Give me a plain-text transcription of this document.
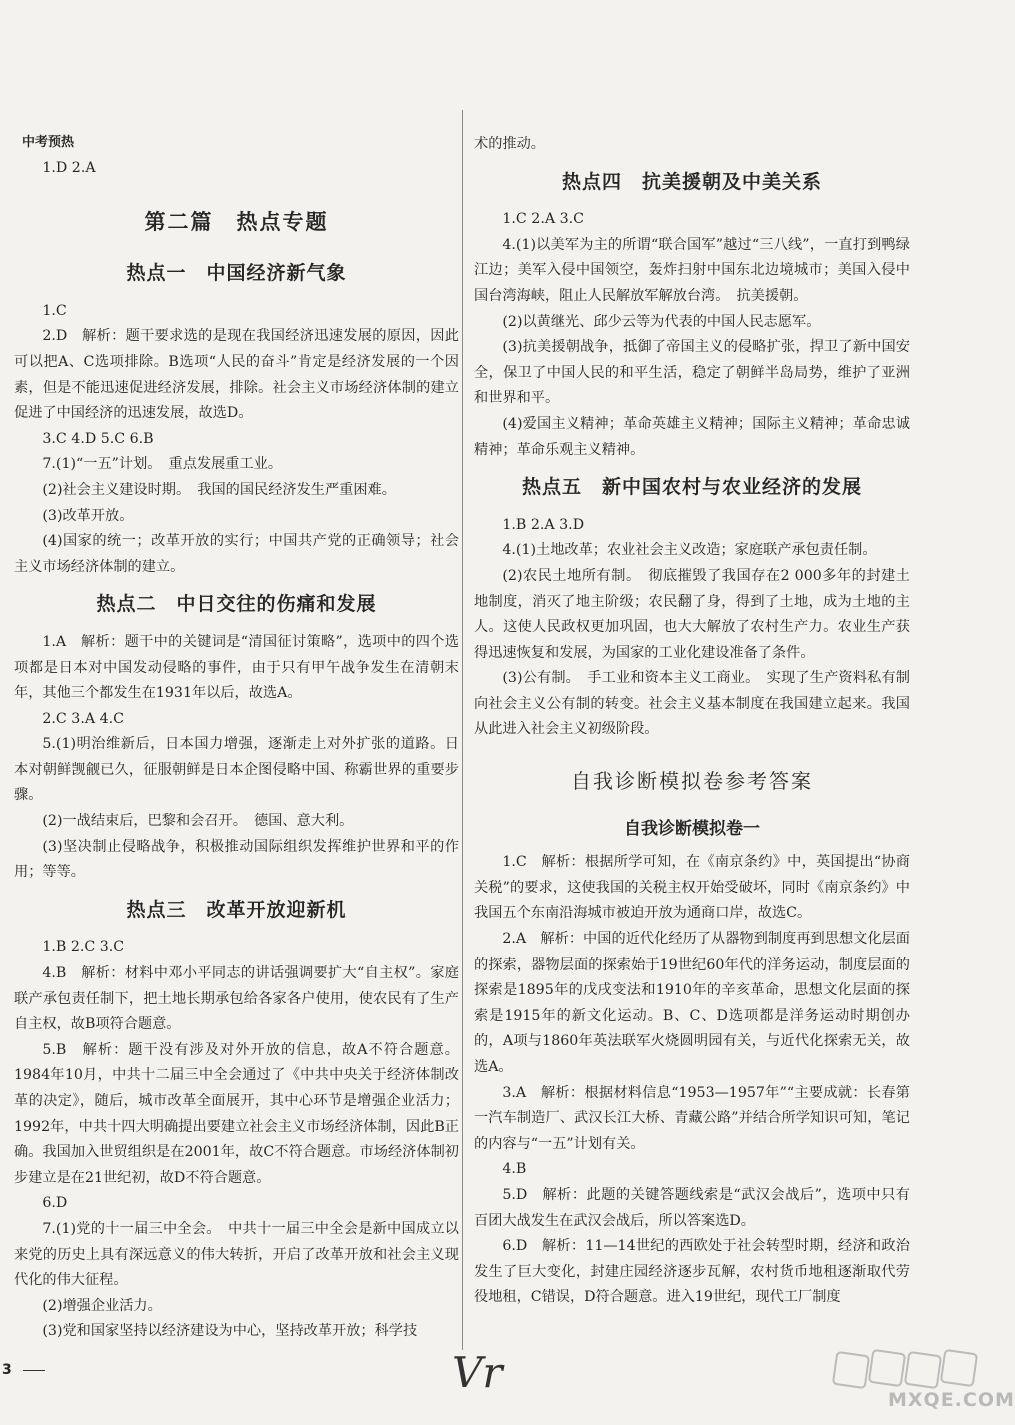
中考预热

1.D 2.A

第二篇　热点专题
热点一　中国经济新气象

1.C

2.D　解析：题干要求选的是现在我国经济迅速发展的原因，因此可以把A、C选项排除。B选项“人民的奋斗”肯定是经济发展的一个因素，但是不能迅速促进经济发展，排除。社会主义市场经济体制的建立促进了中国经济的迅速发展，故选D。

3.C 4.D 5.C 6.B

7.(1)“一五”计划。　重点发展重工业。

(2)社会主义建设时期。　我国的国民经济发生严重困难。

(3)改革开放。

(4)国家的统一；改革开放的实行；中国共产党的正确领导；社会主义市场经济体制的建立。

热点二　中日交往的伤痛和发展

1.A　解析：题干中的关键词是“清国征讨策略”，选项中的四个选项都是日本对中国发动侵略的事件，由于只有甲午战争发生在清朝末年，其他三个都发生在1931年以后，故选A。

2.C 3.A 4.C

5.(1)明治维新后，日本国力增强，逐渐走上对外扩张的道路。日本对朝鲜觊觎已久，征服朝鲜是日本企图侵略中国、称霸世界的重要步骤。

(2)一战结束后，巴黎和会召开。　德国、意大利。

(3)坚决制止侵略战争，积极推动国际组织发挥维护世界和平的作用；等等。

热点三　改革开放迎新机

1.B 2.C 3.C

4.B　解析：材料中邓小平同志的讲话强调要扩大“自主权”。家庭联产承包责任制下，把土地长期承包给各家各户使用，使农民有了生产自主权，故B项符合题意。

5.B　解析：题干没有涉及对外开放的信息，故A不符合题意。1984年10月，中共十二届三中全会通过了《中共中央关于经济体制改革的决定》，随后，城市改革全面展开，其中心环节是增强企业活力；1992年，中共十四大明确提出要建立社会主义市场经济体制，因此B正确。我国加入世贸组织是在2001年，故C不符合题意。市场经济体制初步建立是在21世纪初，故D不符合题意。

6.D

7.(1)党的十一届三中全会。　中共十一届三中全会是新中国成立以来党的历史上具有深远意义的伟大转折，开启了改革开放和社会主义现代化的伟大征程。

(2)增强企业活力。

(3)党和国家坚持以经济建设为中心，坚持改革开放；科学技

术的推动。

热点四　抗美援朝及中美关系

1.C 2.A 3.C

4.(1)以美军为主的所谓“联合国军”越过“三八线”，一直打到鸭绿江边；美军入侵中国领空，轰炸扫射中国东北边境城市；美国入侵中国台湾海峡，阻止人民解放军解放台湾。　抗美援朝。

(2)以黄继光、邱少云等为代表的中国人民志愿军。

(3)抗美援朝战争，抵御了帝国主义的侵略扩张，捍卫了新中国安全，保卫了中国人民的和平生活，稳定了朝鲜半岛局势，维护了亚洲和世界和平。

(4)爱国主义精神；革命英雄主义精神；国际主义精神；革命忠诚精神；革命乐观主义精神。

热点五　新中国农村与农业经济的发展

1.B 2.A 3.D

4.(1)土地改革；农业社会主义改造；家庭联产承包责任制。

(2)农民土地所有制。　彻底摧毁了我国存在2 000多年的封建土地制度，消灭了地主阶级；农民翻了身，得到了土地，成为土地的主人。这使人民政权更加巩固，也大大解放了农村生产力。农业生产获得迅速恢复和发展，为国家的工业化建设准备了条件。

(3)公有制。　手工业和资本主义工商业。　实现了生产资料私有制向社会主义公有制的转变。社会主义基本制度在我国建立起来。我国从此进入社会主义初级阶段。

自我诊断模拟卷参考答案
自我诊断模拟卷一

1.C　解析：根据所学可知，在《南京条约》中，英国提出“协商关税”的要求，这使我国的关税主权开始受破坏，同时《南京条约》中我国五个东南沿海城市被迫开放为通商口岸，故选C。

2.A　解析：中国的近代化经历了从器物到制度再到思想文化层面的探索，器物层面的探索始于19世纪60年代的洋务运动，制度层面的探索是1895年的戊戌变法和1910年的辛亥革命，思想文化层面的探索是1915年的新文化运动。B、C、D选项都是洋务运动时期创办的，A项与1860年英法联军火烧圆明园有关，与近代化探索无关，故选A。

3.A　解析：根据材料信息“1953—1957年”“主要成就：长春第一汽车制造厂、武汉长江大桥、青藏公路”并结合所学知识可知，笔记的内容与“一五”计划有关。

4.B

5.D　解析：此题的关键答题线索是“武汉会战后”，选项中只有百团大战发生在武汉会战后，所以答案选D。

6.D　解析：11—14世纪的西欧处于社会转型时期，经济和政治发生了巨大变化，封建庄园经济逐步瓦解，农村货币地租逐渐取代劳役地租，C错误，D符合题意。进入19世纪，现代工厂制度

3	Vr
MXQE.COM
